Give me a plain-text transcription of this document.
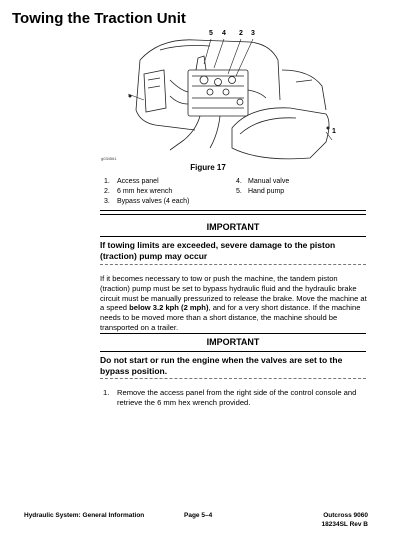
Towing the Traction Unit
5 4 2 3
1
g034561
Figure 17
1. Access panel
2. 6 mm hex wrench
3. Bypass valves (4 each)
4. Manual valve
5. Hand pump
IMPORTANT
If towing limits are exceeded, severe damage to the piston (traction) pump may occur
If it becomes necessary to tow or push the machine, the tandem piston (traction) pump must be set to bypass hydraulic fluid and the hydraulic brake circuit must be manually pressurized to release the brake. Move the machine at a speed below 3.2 kph (2 mph), and for a very short distance. If the machine needs to be moved more than a short distance, the machine should be transported on a trailer.
IMPORTANT
Do not start or run the engine when the valves are set to the bypass position.
1.	Remove the access panel from the right side of the control console and retrieve the 6 mm hex wrench provided.
Hydraulic System: General Information	Page 5–4	Outcross 9060
18234SL Rev B
